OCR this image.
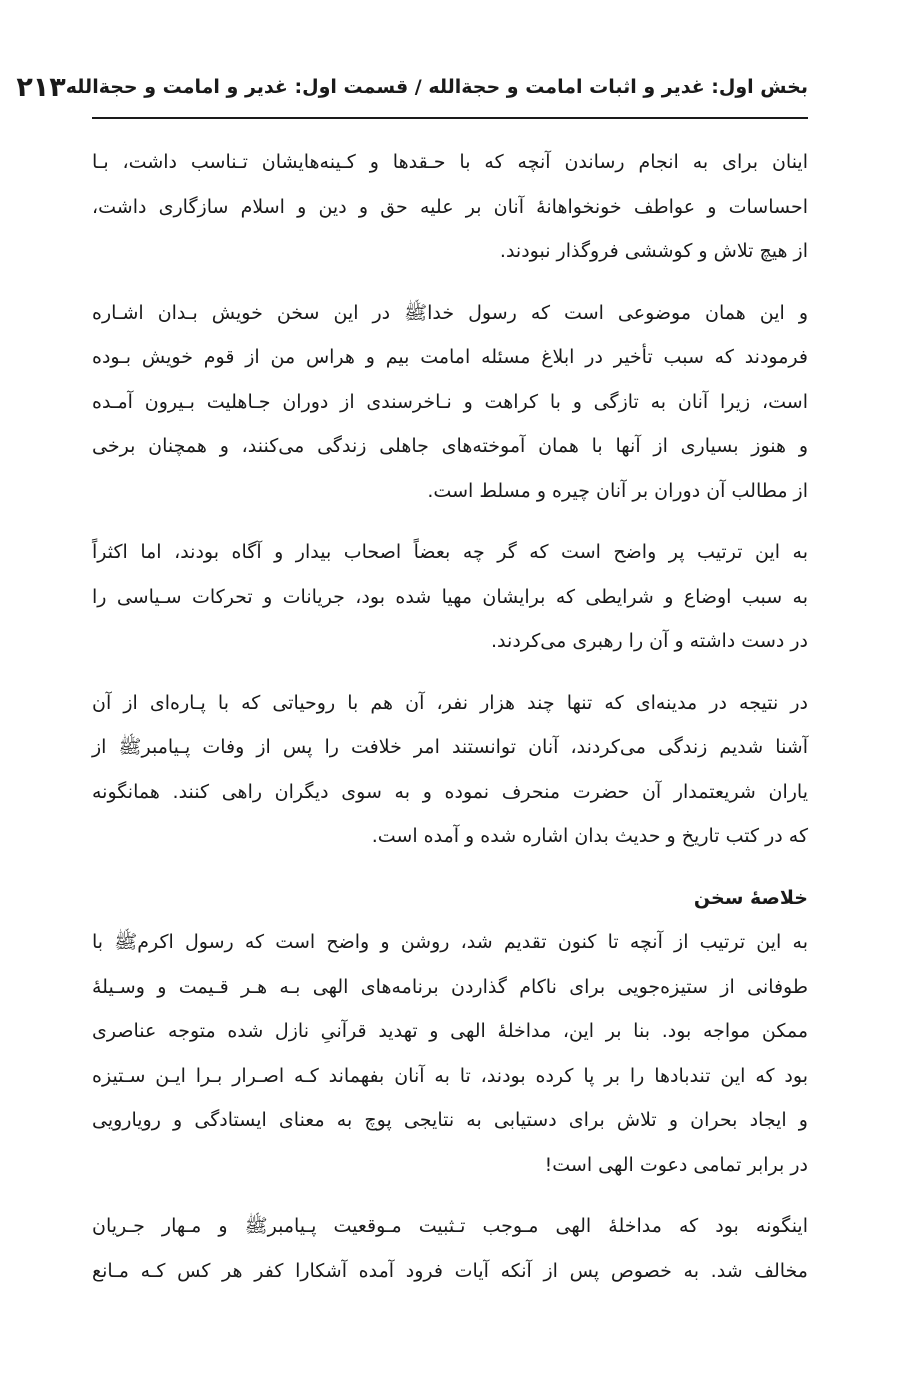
بخش اول: غدیر و اثبات امامت و حجةالله / قسمت اول: غدیر و امامت و حجةالله
۲۱۳

اینان برای به انجام رساندن آنچه که با حـقدها و کـینه‌هایشان تـناسب داشت، بـا
احساسات و عواطف خونخواهانهٔ آنان بر علیه حق و دین و اسلام سازگاری داشت،
از هیچ تلاش و کوششی فروگذار نبودند.

و این همان موضوعی است که رسول خداﷺ در این سخن خویش بـدان اشـاره
فرمودند که سبب تأخیر در ابلاغ مسئله امامت بیم و هراس من از قوم خویش بـوده
است، زیرا آنان به تازگی و با کراهت و نـاخرسندی از دوران جـاهلیت بـیرون آمـده
و هنوز بسیاری از آنها با همان آموخته‌های جاهلی زندگی می‌کنند، و همچنان برخی
از مطالب آن دوران بر آنان چیره و مسلط است.

به این ترتیب پر واضح است که گر چه بعضاً اصحاب بیدار و آگاه بودند، اما اکثراً
به سبب اوضاع و شرایطی که برایشان مهیا شده بود، جریانات و تحرکات سـیاسی را
در دست داشته و آن را رهبری می‌کردند.

در نتیجه در مدینه‌ای که تنها چند هزار نفر، آن هم با روحیاتی که با پـاره‌ای از آن
آشنا شدیم زندگی می‌کردند، آنان توانستند امر خلافت را پس از وفات پـیامبرﷺ از
یاران شریعتمدار آن حضرت منحرف نموده و به سوی دیگران راهی کنند. همانگونه
که در کتب تاریخ و حدیث بدان اشاره شده و آمده است.

خلاصهٔ سخن

به این ترتیب از آنچه تا کنون تقدیم شد، روشن و واضح است که رسول اکرمﷺ با
طوفانی از ستیزه‌جویی برای ناکام گذاردن برنامه‌های الهی بـه هـر قـیمت و وسـیلهٔ
ممکن مواجه بود. بنا بر این، مداخلهٔ الهی و تهدید قرآنیِ نازل شده متوجه عناصری
بود که این تندبادها را بر پا کرده بودند، تا به آنان بفهماند کـه اصـرار بـرا ایـن سـتیزه
و ایجاد بحران و تلاش برای دستیابی به نتایجی پوچ به معنای ایستادگی و رویارویی
در برابر تمامی دعوت الهی است!

اینگونه بود که مداخلهٔ الهی مـوجب تـثبیت مـوقعیت پـیامبرﷺ و مـهار جـریان
مخالف شد. به خصوص پس از آنکه آیات فرود آمده آشکارا کفر هر کس کـه مـانع
